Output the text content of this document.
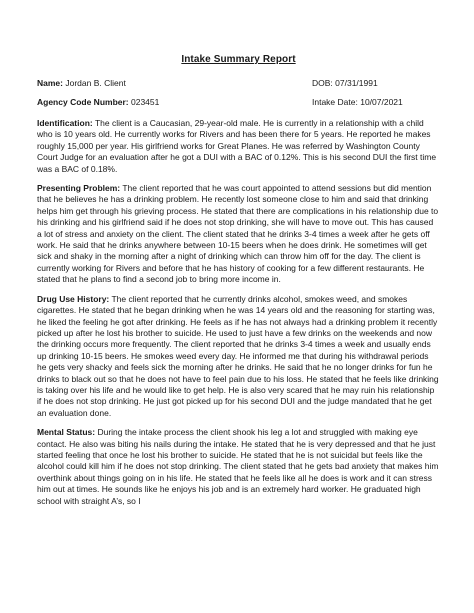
Intake Summary Report
Name: Jordan B. Client	DOB: 07/31/1991
Agency Code Number: 023451	Intake Date: 10/07/2021

Identification: The client is a Caucasian, 29-year-old male. He is currently in a relationship with a child who is 10 years old. He currently works for Rivers and has been there for 5 years. He reported he makes roughly 15,000 per year. His girlfriend works for Great Planes. He was referred by Washington County Court Judge for an evaluation after he got a DUI with a BAC of 0.12%. This is his second DUI the first time was a BAC of 0.18%.

Presenting Problem: The client reported that he was court appointed to attend sessions but did mention that he believes he has a drinking problem. He recently lost someone close to him and said that drinking helps him get through his grieving process. He stated that there are complications in his relationship due to his drinking and his girlfriend said if he does not stop drinking, she will have to move out. This has caused a lot of stress and anxiety on the client. The client stated that he drinks 3-4 times a week after he gets off work. He said that he drinks anywhere between 10-15 beers when he does drink. He sometimes will get sick and shaky in the morning after a night of drinking which can throw him off for the day. The client is currently working for Rivers and before that he has history of cooking for a few different restaurants. He stated that he plans to find a second job to bring more income in.

Drug Use History: The client reported that he currently drinks alcohol, smokes weed, and smokes cigarettes. He stated that he began drinking when he was 14 years old and the reasoning for starting was, he liked the feeling he got after drinking. He feels as if he has not always had a drinking problem it recently picked up after he lost his brother to suicide. He used to just have a few drinks on the weekends and now the drinking occurs more frequently. The client reported that he drinks 3-4 times a week and usually ends up drinking 10-15 beers. He smokes weed every day. He informed me that during his withdrawal periods he gets very shacky and feels sick the morning after he drinks. He said that he no longer drinks for fun he drinks to black out so that he does not have to feel pain due to his loss. He stated that he feels like drinking is taking over his life and he would like to get help. He is also very scared that he may ruin his relationship if he does not stop drinking. He just got picked up for his second DUI and the judge mandated that he get an evaluation done.

Mental Status: During the intake process the client shook his leg a lot and struggled with making eye contact. He also was biting his nails during the intake. He stated that he is very depressed and that he just started feeling that once he lost his brother to suicide. He stated that he is not suicidal but feels like the alcohol could kill him if he does not stop drinking. The client stated that he gets bad anxiety that makes him overthink about things going on in his life. He stated that he feels like all he does is work and it can stress him out at times. He sounds like he enjoys his job and is an extremely hard worker. He graduated high school with straight A’s, so I
